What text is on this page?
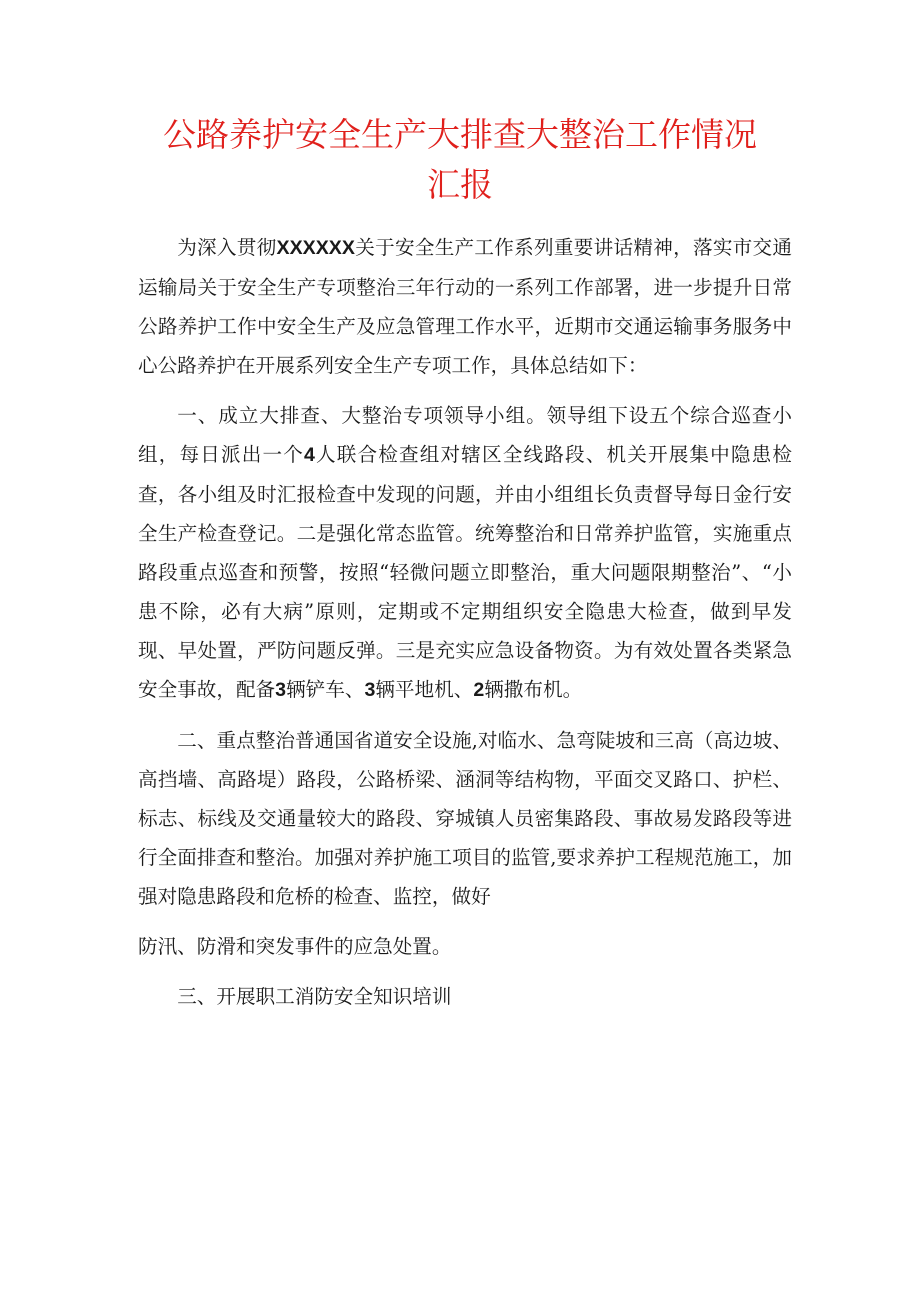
公路养护安全生产大排查大整治工作情况
汇报

为深入贯彻XXXXXX关于安全生产工作系列重要讲话精神，落实市交通运输局关于安全生产专项整治三年行动的一系列工作部署，进一步提升日常公路养护工作中安全生产及应急管理工作水平，近期市交通运输事务服务中心公路养护在开展系列安全生产专项工作，具体总结如下：

一、成立大排查、大整治专项领导小组。领导组下设五个综合巡查小组，每日派出一个4人联合检查组对辖区全线路段、机关开展集中隐患检查，各小组及时汇报检查中发现的问题，并由小组组长负责督导每日金行安全生产检查登记。二是强化常态监管。统筹整治和日常养护监管，实施重点路段重点巡查和预警，按照“轻微问题立即整治，重大问题限期整治”、“小患不除，必有大病”原则，定期或不定期组织安全隐患大检查，做到早发现、早处置，严防问题反弹。三是充实应急设备物资。为有效处置各类紧急安全事故，配备3辆铲车、3辆平地机、2辆撒布机。

二、重点整治普通国省道安全设施,对临水、急弯陡坡和三高（高边坡、高挡墙、高路堤）路段，公路桥梁、涵洞等结构物，平面交叉路口、护栏、标志、标线及交通量较大的路段、穿城镇人员密集路段、事故易发路段等进行全面排查和整治。加强对养护施工项目的监管,要求养护工程规范施工，加强对隐患路段和危桥的检查、监控，做好

防汛、防滑和突发事件的应急处置。

三、开展职工消防安全知识培训
